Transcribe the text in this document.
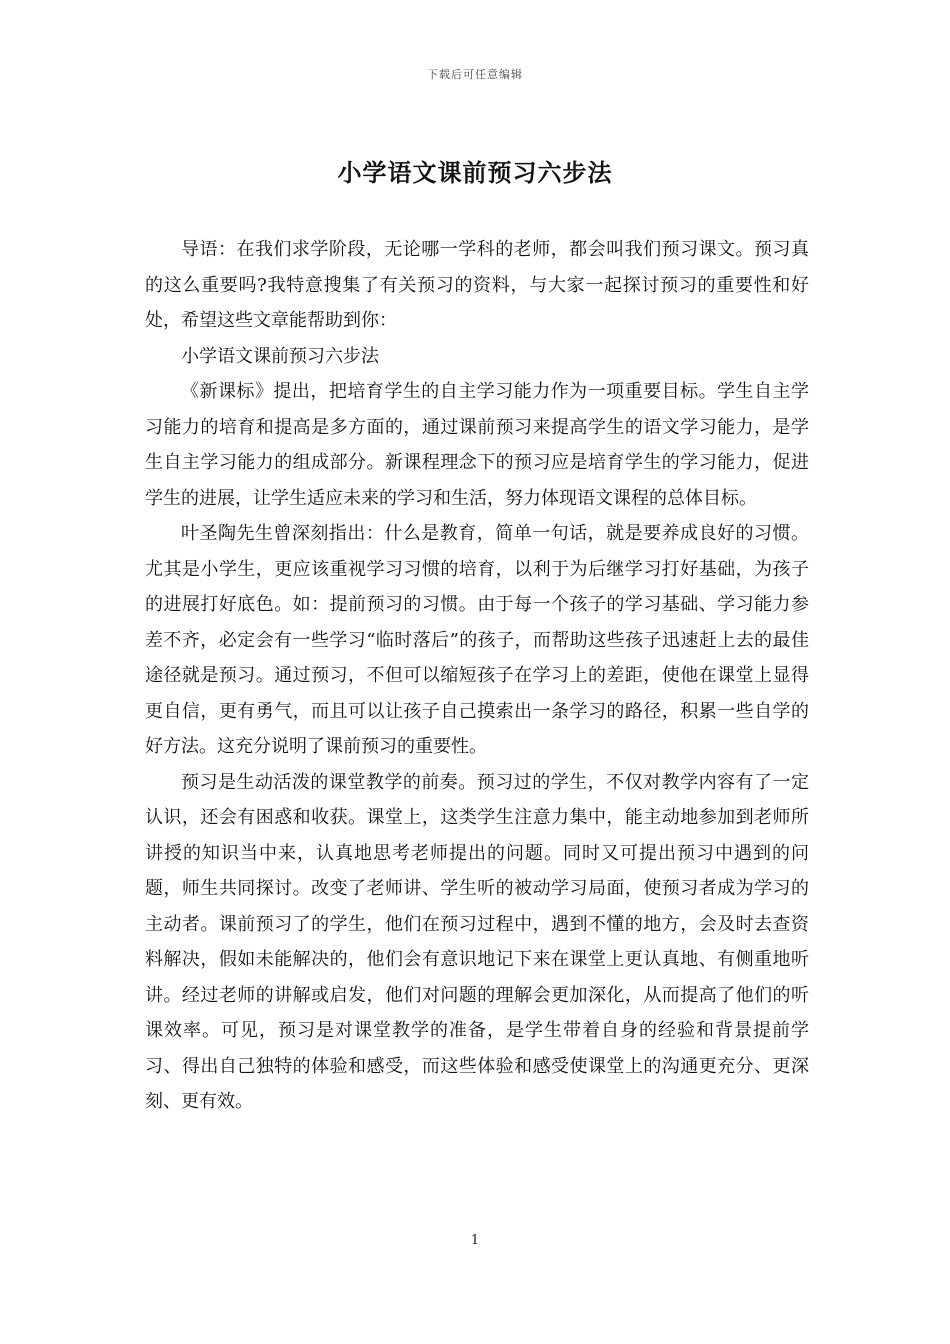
下载后可任意编辑
小学语文课前预习六步法

导语：在我们求学阶段，无论哪一学科的老师，都会叫我们预习课文。预习真的这么重要吗?我特意搜集了有关预习的资料，与大家一起探讨预习的重要性和好处，希望这些文章能帮助到你：

小学语文课前预习六步法

《新课标》提出，把培育学生的自主学习能力作为一项重要目标。学生自主学习能力的培育和提高是多方面的，通过课前预习来提高学生的语文学习能力，是学生自主学习能力的组成部分。新课程理念下的预习应是培育学生的学习能力，促进学生的进展，让学生适应未来的学习和生活，努力体现语文课程的总体目标。

叶圣陶先生曾深刻指出：什么是教育，简单一句话，就是要养成良好的习惯。尤其是小学生，更应该重视学习习惯的培育，以利于为后继学习打好基础，为孩子的进展打好底色。如：提前预习的习惯。由于每一个孩子的学习基础、学习能力参差不齐，必定会有一些学习“临时落后”的孩子，而帮助这些孩子迅速赶上去的最佳途径就是预习。通过预习，不但可以缩短孩子在学习上的差距，使他在课堂上显得更自信，更有勇气，而且可以让孩子自己摸索出一条学习的路径，积累一些自学的好方法。这充分说明了课前预习的重要性。

预习是生动活泼的课堂教学的前奏。预习过的学生，不仅对教学内容有了一定认识，还会有困惑和收获。课堂上，这类学生注意力集中，能主动地参加到老师所讲授的知识当中来，认真地思考老师提出的问题。同时又可提出预习中遇到的问题，师生共同探讨。改变了老师讲、学生听的被动学习局面，使预习者成为学习的主动者。课前预习了的学生，他们在预习过程中，遇到不懂的地方，会及时去查资料解决，假如未能解决的，他们会有意识地记下来在课堂上更认真地、有侧重地听讲。经过老师的讲解或启发，他们对问题的理解会更加深化，从而提高了他们的听课效率。可见，预习是对课堂教学的准备，是学生带着自身的经验和背景提前学习、得出自己独特的体验和感受，而这些体验和感受使课堂上的沟通更充分、更深刻、更有效。

1
